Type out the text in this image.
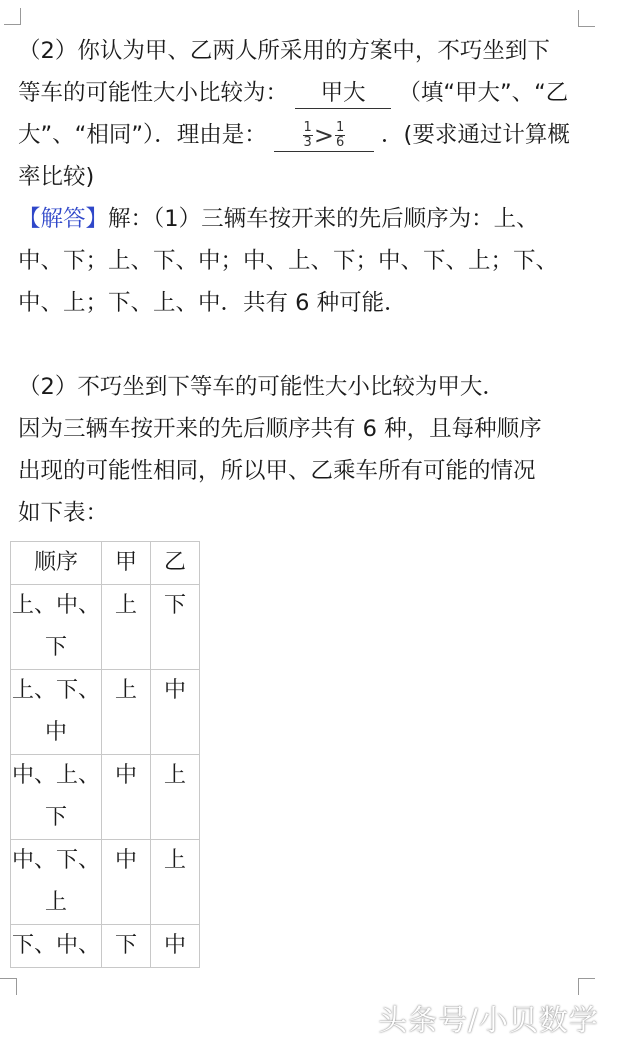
（2）你认为甲、乙两人所采用的方案中，不巧坐到下

等车的可能性大小比较为： 甲大 （填“甲大”、“乙

大”、“相同”）．理由是：	$\frac{1}{3} > \frac{1}{6}$ ．(要求通过计算概

率比较)

【解答】解：（1）三辆车按开来的先后顺序为：上、

中、下；上、下、中；中、上、下；中、下、上；下、

中、上；下、上、中．共有 6 种可能．

（2）不巧坐到下等车的可能性大小比较为甲大．

因为三辆车按开来的先后顺序共有 6 种，且每种顺序

出现的可能性相同，所以甲、乙乘车所有可能的情况

如下表：

顺序	甲	乙

上、中、
下	上	下

上、下、
中	上	中

中、上、
下	中	上

中、下、
上	中	上

下、中、	下	中
头条号/小贝数学
